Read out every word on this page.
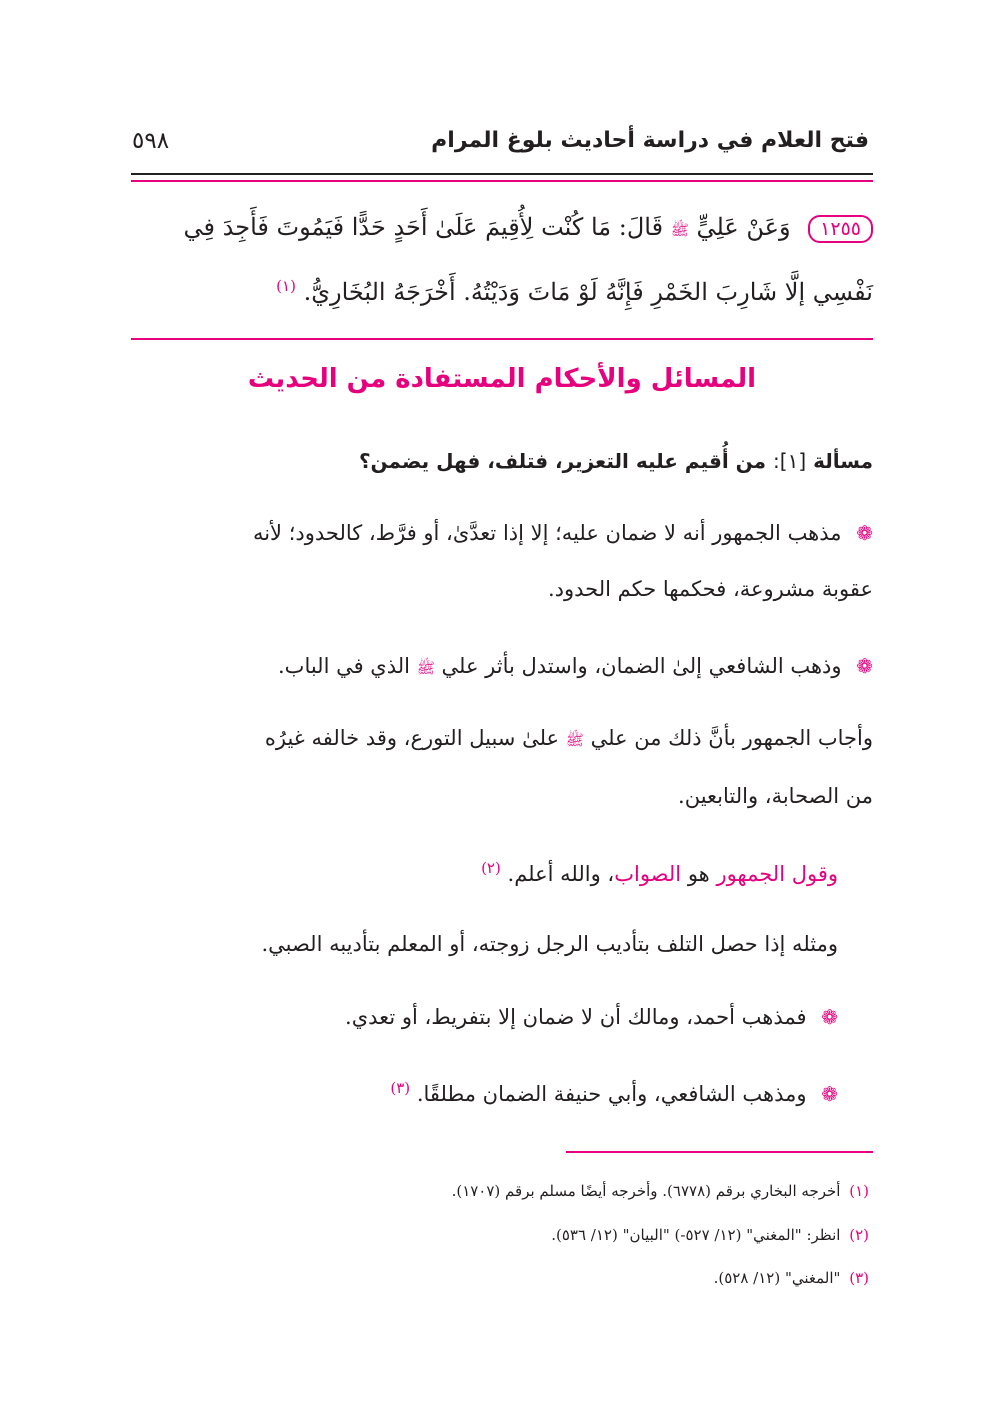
فتح العلام في دراسة أحاديث بلوغ المرام
٥٩٨
١٢٥٥ وَعَنْ عَلِيٍّ ﷺ قَالَ: مَا كُنْت لِأُقِيمَ عَلَىٰ أَحَدٍ حَدًّا فَيَمُوتَ فَأَجِدَ فِي
نَفْسِي إلَّا شَارِبَ الخَمْرِ فَإِنَّهُ لَوْ مَاتَ وَدَيْتُهُ. أَخْرَجَهُ البُخَارِيُّ. $^{(١)}$
المسائل والأحكام المستفادة من الحديث
مسألة [١]: من أُقيم عليه التعزير، فتلف، فهل يضمن؟
❁ مذهب الجمهور أنه لا ضمان عليه؛ إلا إذا تعدَّىٰ، أو فرَّط، كالحدود؛ لأنه
عقوبة مشروعة، فحكمها حكم الحدود.
❁ وذهب الشافعي إلىٰ الضمان، واستدل بأثر علي ﷺ الذي في الباب.
وأجاب الجمهور بأنَّ ذلك من علي ﷺ علىٰ سبيل التورع، وقد خالفه غيرُه
من الصحابة، والتابعين.
وقول الجمهور هو الصواب، والله أعلم. $^{(٢)}$
ومثله إذا حصل التلف بتأديب الرجل زوجته، أو المعلم بتأديبه الصبي.
❁ فمذهب أحمد، ومالك أن لا ضمان إلا بتفريط، أو تعدي.
❁ ومذهب الشافعي، وأبي حنيفة الضمان مطلقًا. $^{(٣)}$
(١) أخرجه البخاري برقم (٦٧٧٨). وأخرجه أيضًا مسلم برقم (١٧٠٧).
(٢) انظر: "المغني" (١٢/ ٥٢٧-) "البيان" (١٢/ ٥٣٦).
(٣) "المغني" (١٢/ ٥٢٨).
